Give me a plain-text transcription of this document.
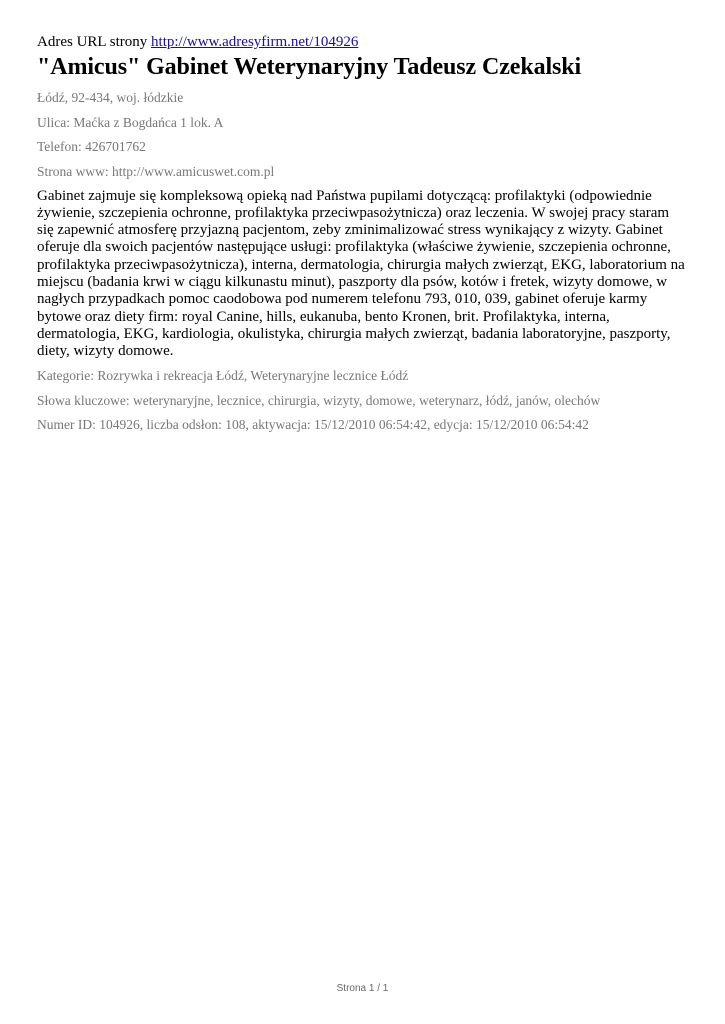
Adres URL strony http://www.adresyfirm.net/104926

"Amicus" Gabinet Weterynaryjny Tadeusz Czekalski

Łódź, 92-434, woj. łódzkie

Ulica: Maćka z Bogdańca 1 lok. A

Telefon: 426701762

Strona www: http://www.amicuswet.com.pl

Gabinet zajmuje się kompleksową opieką nad Państwa pupilami dotyczącą: profilaktyki (odpowiednie żywienie, szczepienia ochronne, profilaktyka przeciwpasożytnicza) oraz leczenia. W swojej pracy staram się zapewnić atmosferę przyjazną pacjentom, zeby zminimalizować stress wynikający z wizyty. Gabinet oferuje dla swoich pacjentów następujące usługi: profilaktyka (właściwe żywienie, szczepienia ochronne, profilaktyka przeciwpasożytnicza), interna, dermatologia, chirurgia małych zwierząt, EKG, laboratorium na miejscu (badania krwi w ciągu kilkunastu minut), paszporty dla psów, kotów i fretek, wizyty domowe, w nagłych przypadkach pomoc caodobowa pod numerem telefonu 793, 010, 039, gabinet oferuje karmy bytowe oraz diety firm: royal Canine, hills, eukanuba, bento Kronen, brit. Profilaktyka, interna, dermatologia, EKG, kardiologia, okulistyka, chirurgia małych zwierząt, badania laboratoryjne, paszporty, diety, wizyty domowe.

Kategorie: Rozrywka i rekreacja Łódź, Weterynaryjne lecznice Łódź

Słowa kluczowe: weterynaryjne, lecznice, chirurgia, wizyty, domowe, weterynarz, łódź, janów, olechów

Numer ID: 104926, liczba odsłon: 108, aktywacja: 15/12/2010 06:54:42, edycja: 15/12/2010 06:54:42

Strona 1 / 1
